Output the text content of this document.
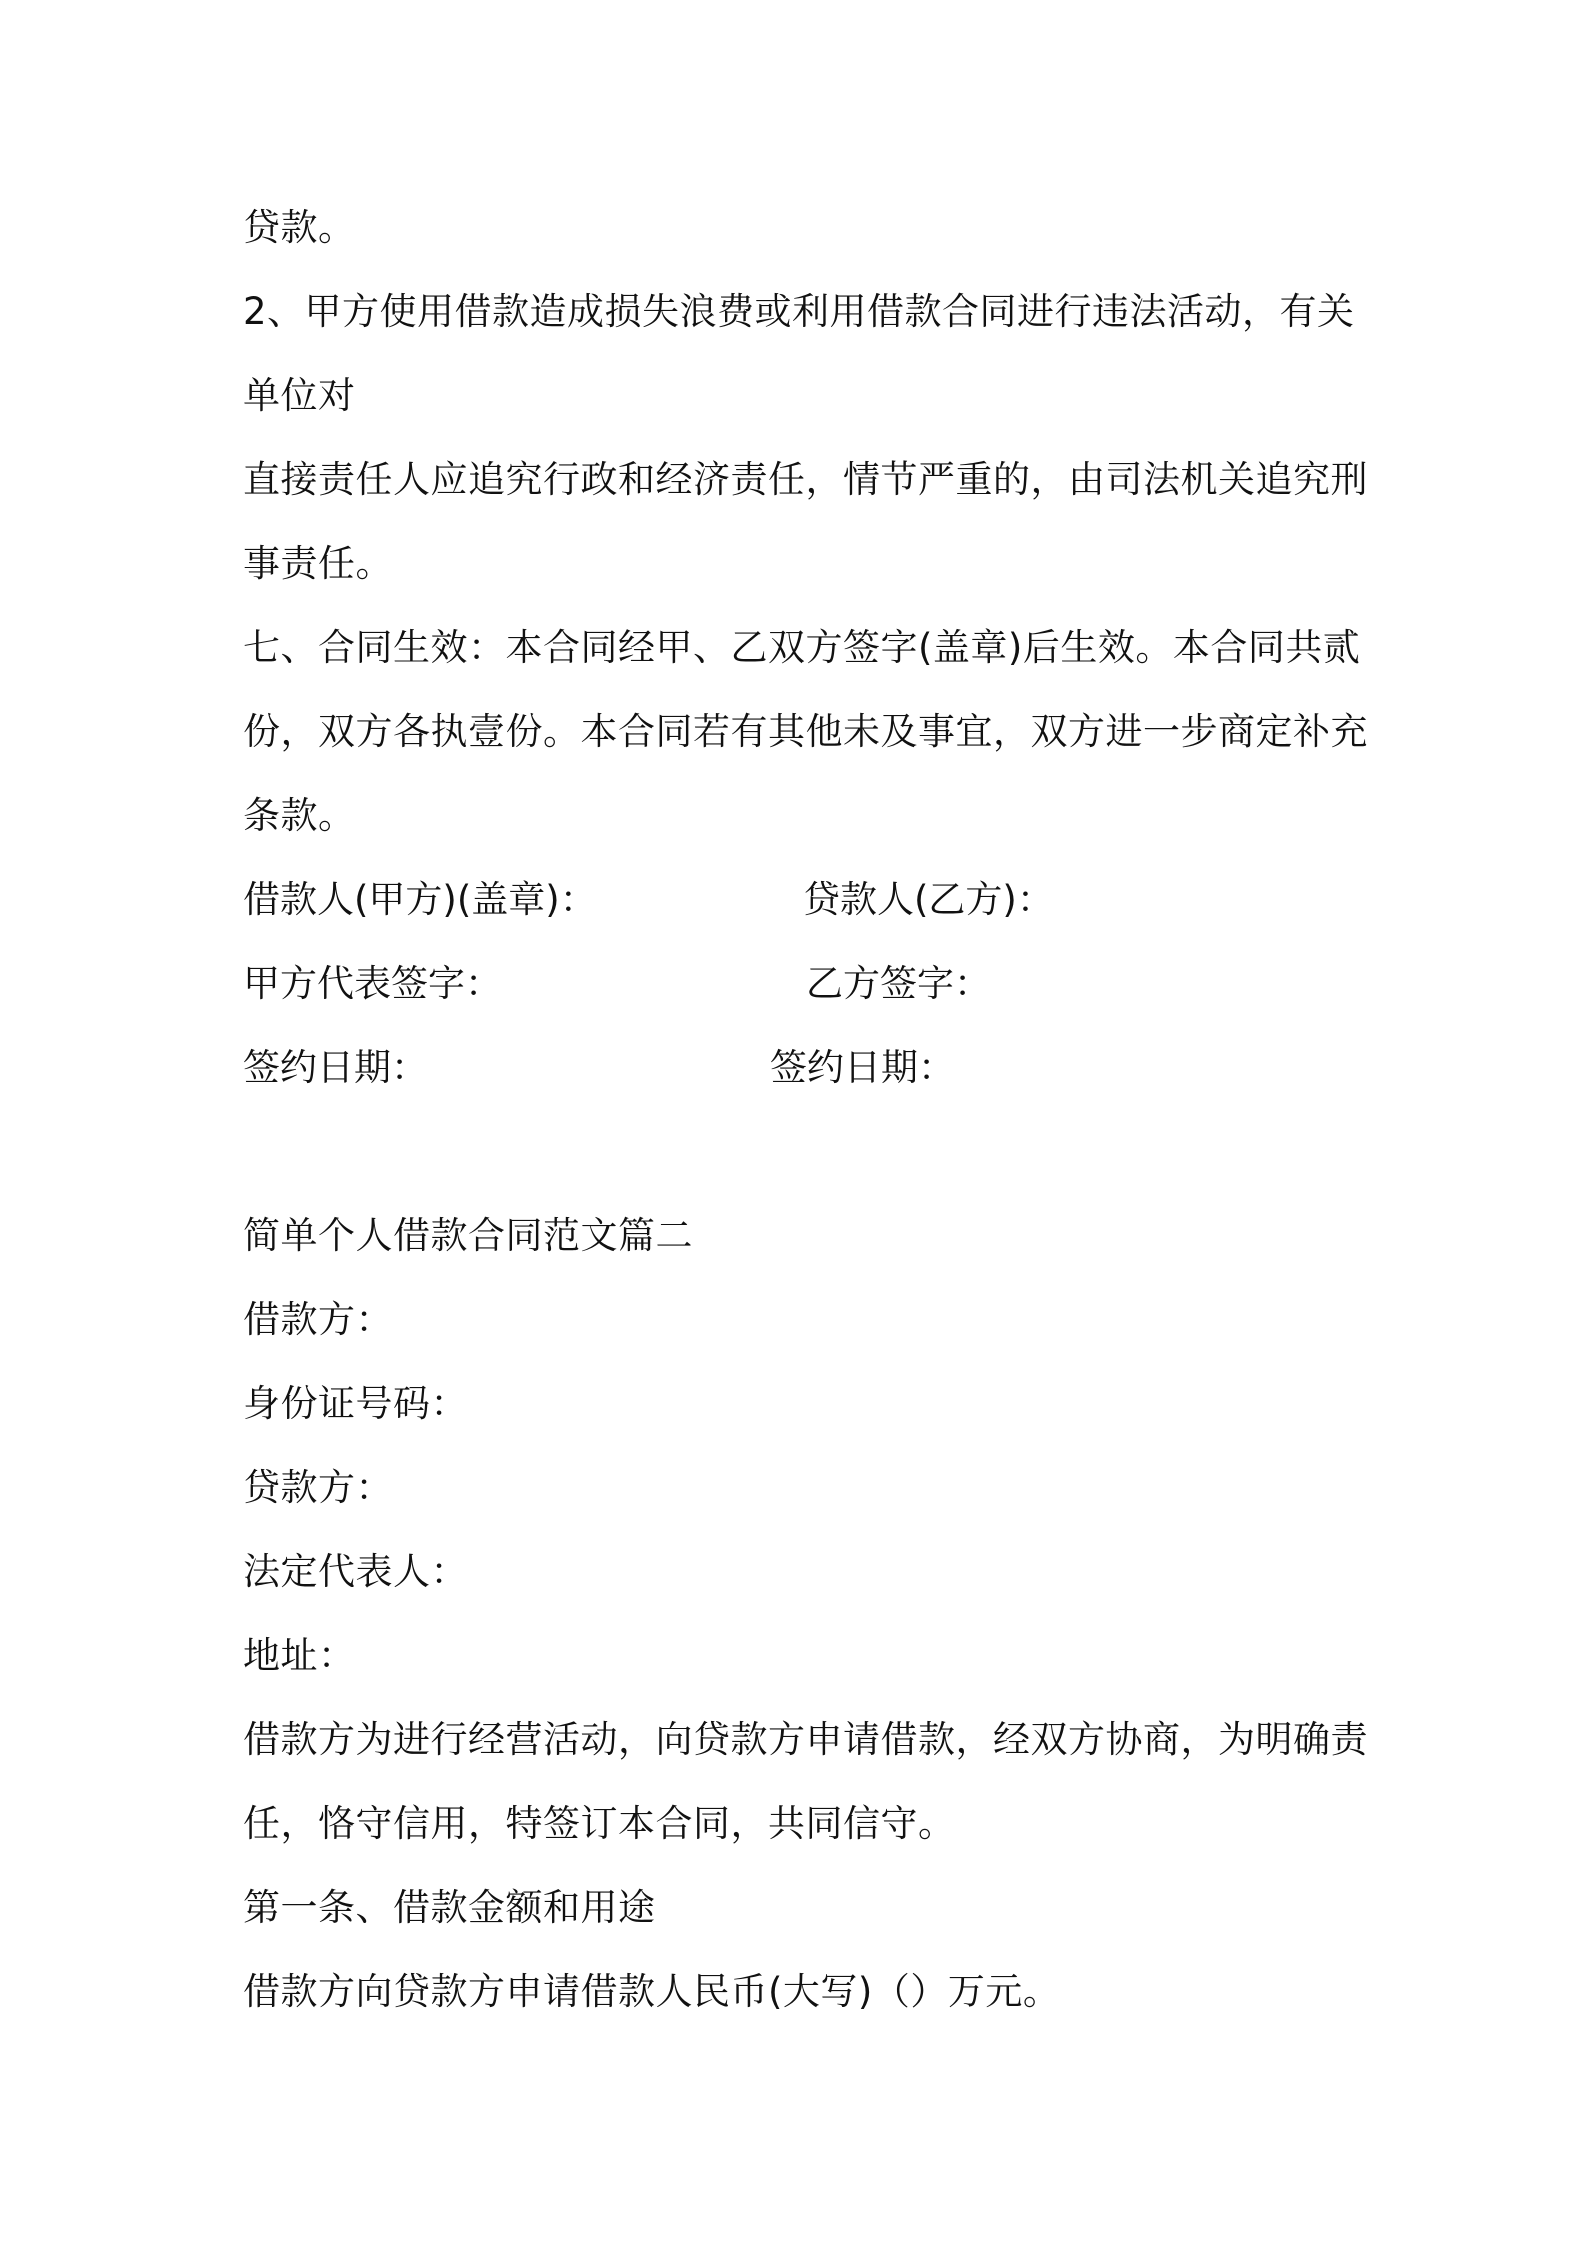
贷款。
2、甲方使用借款造成损失浪费或利用借款合同进行违法活动，有关
单位对
直接责任人应追究行政和经济责任，情节严重的，由司法机关追究刑
事责任。
七、合同生效：本合同经甲、乙双方签字(盖章)后生效。本合同共贰
份，双方各执壹份。本合同若有其他未及事宜，双方进一步商定补充
条款。
借款人(甲方)(盖章)：	贷款人(乙方)：
甲方代表签字：	乙方签字：
签约日期：	签约日期：
简单个人借款合同范文篇二
借款方：
身份证号码：
贷款方：
法定代表人：
地址：
借款方为进行经营活动，向贷款方申请借款，经双方协商，为明确责
任，恪守信用，特签订本合同，共同信守。
第一条、借款金额和用途
借款方向贷款方申请借款人民币(大写)（）万元。
